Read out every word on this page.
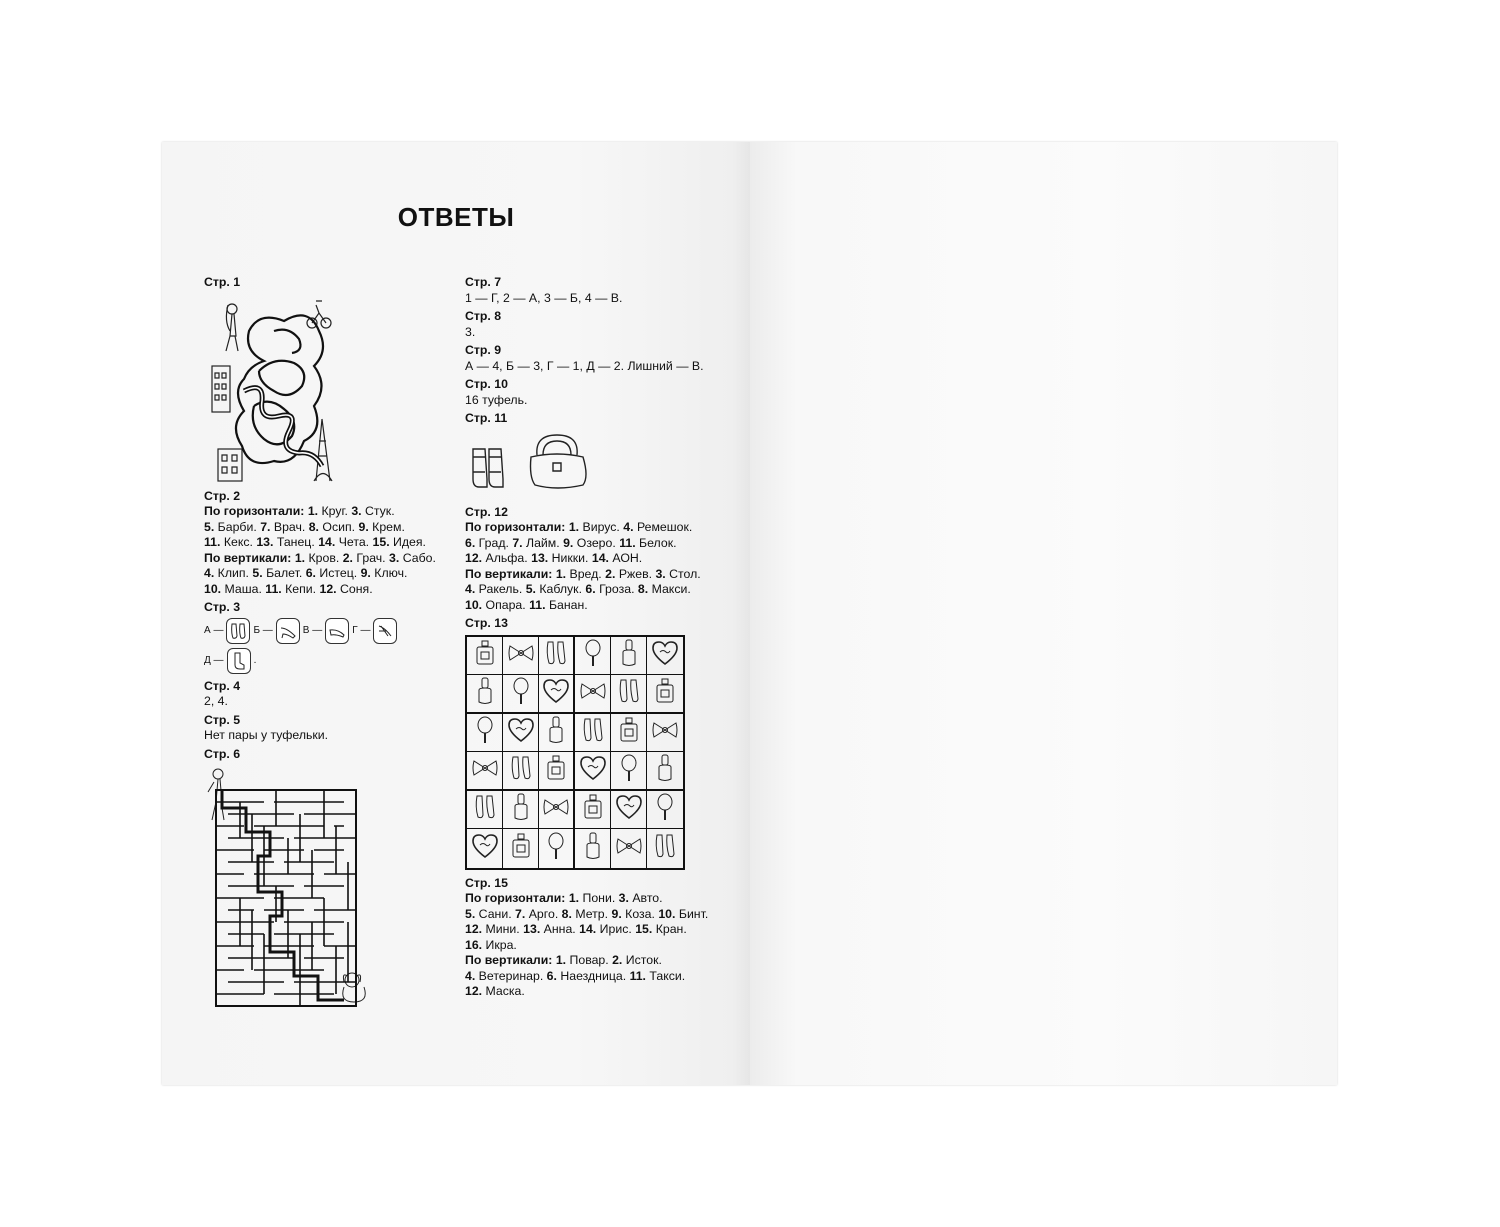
ОТВЕТЫ
Стр. 1
Стр. 2
По горизонтали: 1. Круг. 3. Стук.
5. Барби. 7. Врач. 8. Осип. 9. Крем.
11. Кекс. 13. Танец. 14. Чета. 15. Идея.
По вертикали: 1. Кров. 2. Грач. 3. Сабо.
4. Клип. 5. Балет. 6. Истец. 9. Ключ.
10. Маша. 11. Кепи. 12. Соня.
Стр. 3
А —	Б —	В —	Г —
Д —	.
Стр. 4
2, 4.
Стр. 5
Нет пары у туфельки.
Стр. 6
Стр. 7
1 — Г, 2 — А, 3 — Б, 4 — В.
Стр. 8
3.
Стр. 9
А — 4, Б — 3, Г — 1, Д — 2. Лишний — В.
Стр. 10
16 туфель.
Стр. 11
Стр. 12
По горизонтали: 1. Вирус. 4. Ремешок.
6. Град. 7. Лайм. 9. Озеро. 11. Белок.
12. Альфа. 13. Никки. 14. АОН.
По вертикали: 1. Вред. 2. Ржев. 3. Стол.
4. Ракель. 5. Каблук. 6. Гроза. 8. Макси.
10. Опара. 11. Банан.
Стр. 13
Стр. 15
По горизонтали: 1. Пони. 3. Авто.
5. Сани. 7. Арго. 8. Метр. 9. Коза. 10. Бинт.
12. Мини. 13. Анна. 14. Ирис. 15. Кран.
16. Икра.
По вертикали: 1. Повар. 2. Исток.
4. Ветеринар. 6. Наездница. 11. Такси.
12. Маска.
